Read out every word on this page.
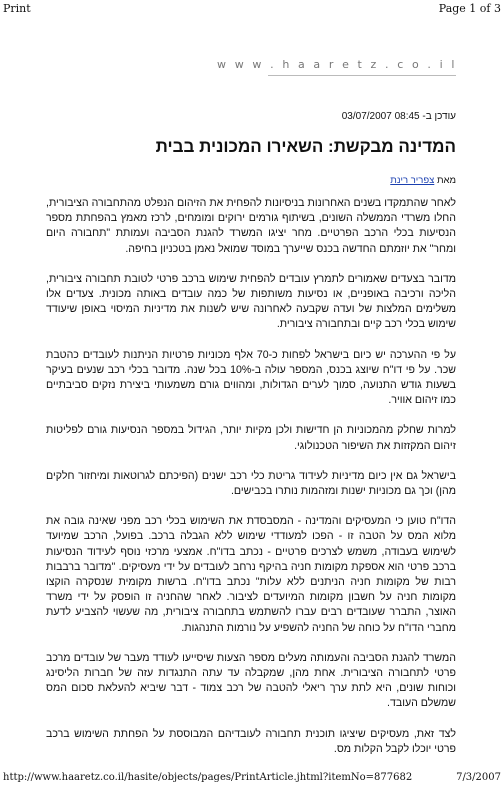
Print	Page 1 of 3
w w w . h a a r e t z . c o . i l
עודכן ב- 08:45 03/07/2007
המדינה מבקשת: השאירו המכונית בבית
מאת צפריר רינת

לאחר שהתמקדו בשנים האחרונות בניסיונות להפחית את הזיהום הנפלט מהתחבורה הציבורית, החלו משרדי הממשלה השונים, בשיתוף גורמים ירוקים ומומחים, לרכז מאמץ בהפחתת מספר הנסיעות בכלי הרכב הפרטיים. מחר יציגו המשרד להגנת הסביבה ועמותת "תחבורה היום ומחר" את יוזמתם החדשה בכנס שייערך במוסד שמואל נאמן בטכניון בחיפה.

מדובר בצעדים שאמורים לתמרץ עובדים להפחית שימוש ברכב פרטי לטובת תחבורה ציבורית, הליכה ורכיבה באופניים, או נסיעות משותפות של כמה עובדים באותה מכונית. צעדים אלו משלימים המלצות של ועדה שקבעה לאחרונה שיש לשנות את מדיניות המיסוי באופן שיעודד שימוש בכלי רכב קיים ובתחבורה ציבורית.

על פי ההערכה יש כיום בישראל לפחות כ-70 אלף מכוניות פרטיות הניתנות לעובדים כהטבת שכר. על פי דו"ח שיוצג בכנס, המספר עולה ב-10% בכל שנה. מדובר בכלי רכב שנעים בעיקר בשעות גודש התנועה, סמוך לערים הגדולות, ומהווים גורם משמעותי ביצירת נזקים סביבתיים כמו זיהום אוויר.

למרות שחלק מהמכוניות הן חדישות ולכן מקיות יותר, הגידול במספר הנסיעות גורם לפליטות זיהום המקזזות את השיפור הטכנולוגי.

בישראל גם אין כיום מדיניות לעידוד גריטת כלי רכב ישנים (הפיכתם לגרוטאות ומיחזור חלקים מהן) וכך גם מכוניות ישנות ומזהמות נותרו בכבישים.

הדו"ח טוען כי המעסיקים והמדינה - המסבסדת את השימוש בכלי רכב מפני שאינה גובה את מלוא המס על הטבה זו - הפכו למעודדי שימוש ללא הגבלה ברכב. בפועל, הרכב שמיועד לשימוש בעבודה, משמש לצרכים פרטיים - נכתב בדו"ח. אמצעי מרכזי נוסף לעידוד הנסיעות ברכב פרטי הוא אספקת מקומות חניה בהיקף נרחב לעובדים על ידי מעסיקים. "מדובר ברבבות רבות של מקומות חניה הניתנים ללא עלות" נכתב בדו"ח. ברשות מקומית שנסקרה הוקצו מקומות חניה על חשבון מקומות המיועדים לציבור. לאחר שהחניה זו הופסק על ידי משרד האוצר, התברר שעובדים רבים עברו להשתמש בתחבורה ציבורית, מה שעשוי להצביע לדעת מחברי הדו"ח על כוחה של החניה להשפיע על נורמות התנהגות.

המשרד להגנת הסביבה והעמותה מעלים מספר הצעות שיסייעו לעודד מעבר של עובדים מרכב פרטי לתחבורה הציבורית. אחת מהן, שמקבלה עד עתה התנגדות עזה של חברות הליסינג וכוחות שונים, היא לתת ערך ריאלי להטבה של רכב צמוד - דבר שיביא להעלאת סכום המס שמשלם העובד.

לצד זאת, מעסיקים שיציגו תוכנית תחבורה לעובדיהם המבוססת על הפחתת השימוש ברכב פרטי יוכלו לקבל הקלות מס.

http://www.haaretz.co.il/hasite/objects/pages/PrintArticle.jhtml?itemNo=877682	7/3/2007
